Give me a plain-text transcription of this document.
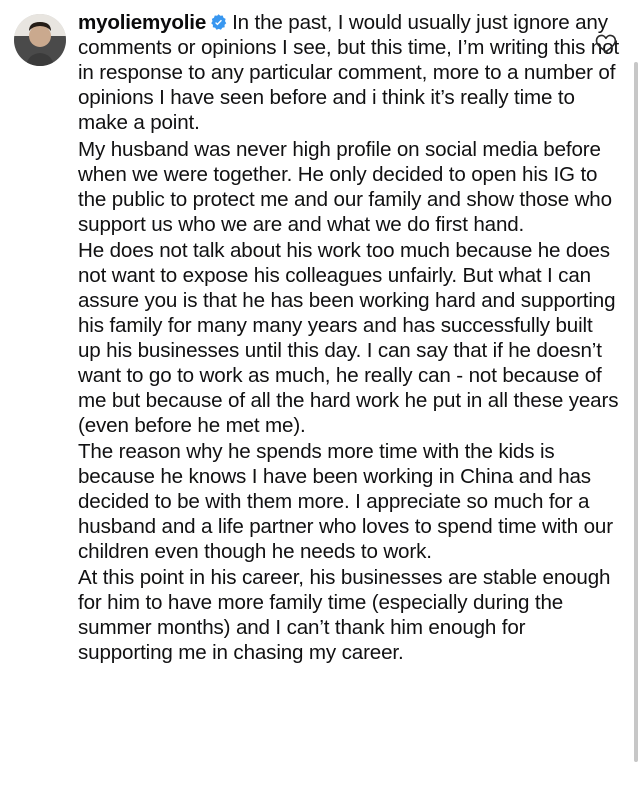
myoliemyolie In the past, I would usually just ignore any comments or opinions I see, but this time, I’m writing this not in response to any particular comment, more to a number of opinions I have seen before and i think it’s really time to make a point.

My husband was never high profile on social media before when we were together. He only decided to open his IG to the public to protect me and our family and show those who support us who we are and what we do first hand.

He does not talk about his work too much because he does not want to expose his colleagues unfairly. But what I can assure you is that he has been working hard and supporting his family for many many years and has successfully built up his businesses until this day. I can say that if he doesn’t want to go to work as much, he really can - not because of me but because of all the hard work he put in all these years (even before he met me).

The reason why he spends more time with the kids is because he knows I have been working in China and has decided to be with them more. I appreciate so much for a husband and a life partner who loves to spend time with our children even though he needs to work.

At this point in his career, his businesses are stable enough for him to have more family time (especially during the summer months) and I can’t thank him enough for supporting me in chasing my career.
